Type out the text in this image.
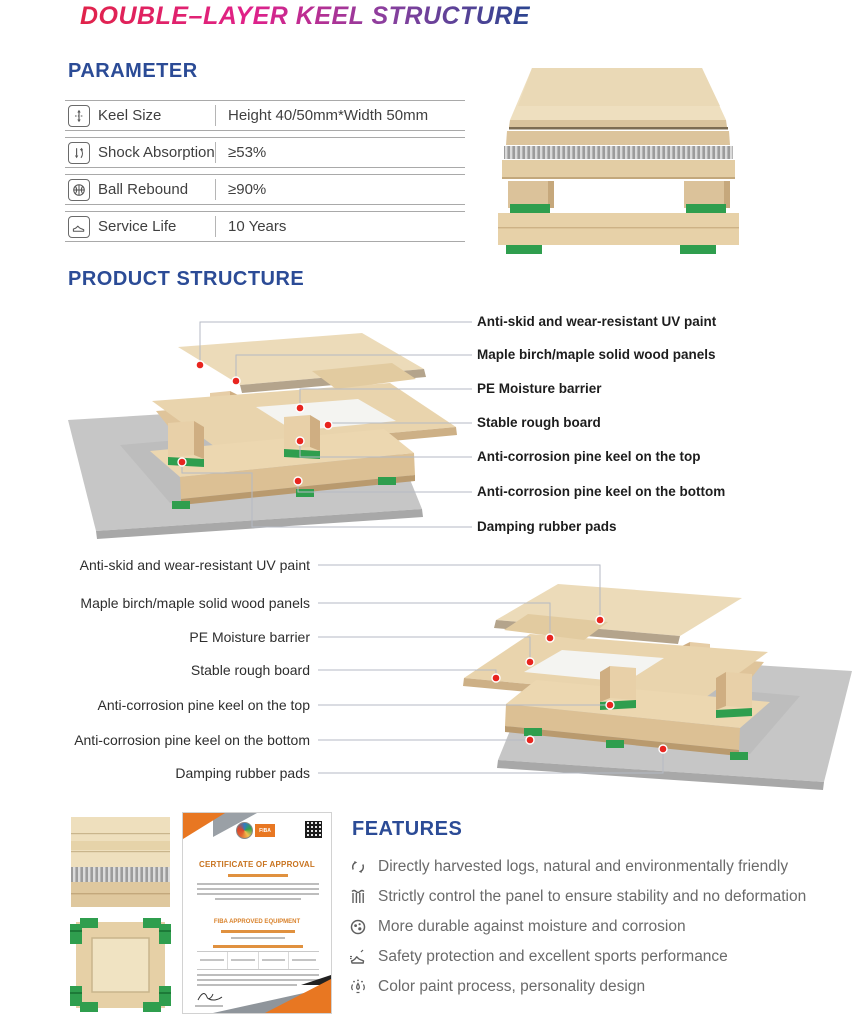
DOUBLE–LAYER KEEL STRUCTURE
PARAMETER
Keel Size	Height 40/50mm*Width 50mm
Shock Absorption ≥53%
Ball Rebound	≥90%
Service Life	10 Years
PRODUCT STRUCTURE
Anti-skid and wear-resistant UV paint
Maple birch/maple solid wood panels
PE Moisture barrier
Stable rough board
Anti-corrosion pine keel on the top
Anti-corrosion pine keel on the bottom
Damping rubber pads
Anti-skid and wear-resistant UV paint
Maple birch/maple solid wood panels
PE Moisture barrier
Stable rough board
Anti-corrosion pine keel on the top
Anti-corrosion pine keel on the bottom
Damping rubber pads
FIBA
CERTIFICATE OF APPROVAL
FIBA APPROVED EQUIPMENT
FEATURES
Directly harvested logs, natural and environmentally friendly
Strictly control the panel to ensure stability and no deformation
More durable against moisture and corrosion
Safety protection and excellent sports performance
Color paint process, personality design
